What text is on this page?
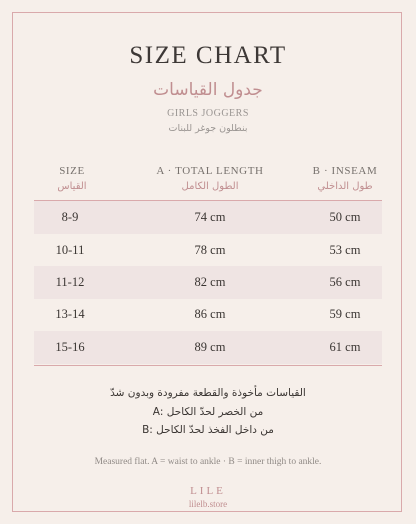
SIZE CHART
جدول القياسات
GIRLS JOGGERS
بنطلون جوغر للبنات
SIZE	A · TOTAL LENGTH	B · INSEAM
القياس	الطول الكامل	طول الداخلي
8-9	74 cm	50 cm
10-11	78 cm	53 cm
11-12	82 cm	56 cm
13-14	86 cm	59 cm
15-16	89 cm	61 cm
القياسات مأخوذة والقطعة مفرودة وبدون شدّ
من الخصر لحدّ الكاحل :A
من داخل الفخذ لحدّ الكاحل :B
Measured flat. A = waist to ankle · B = inner thigh to ankle.
LILE
lilelb.store
